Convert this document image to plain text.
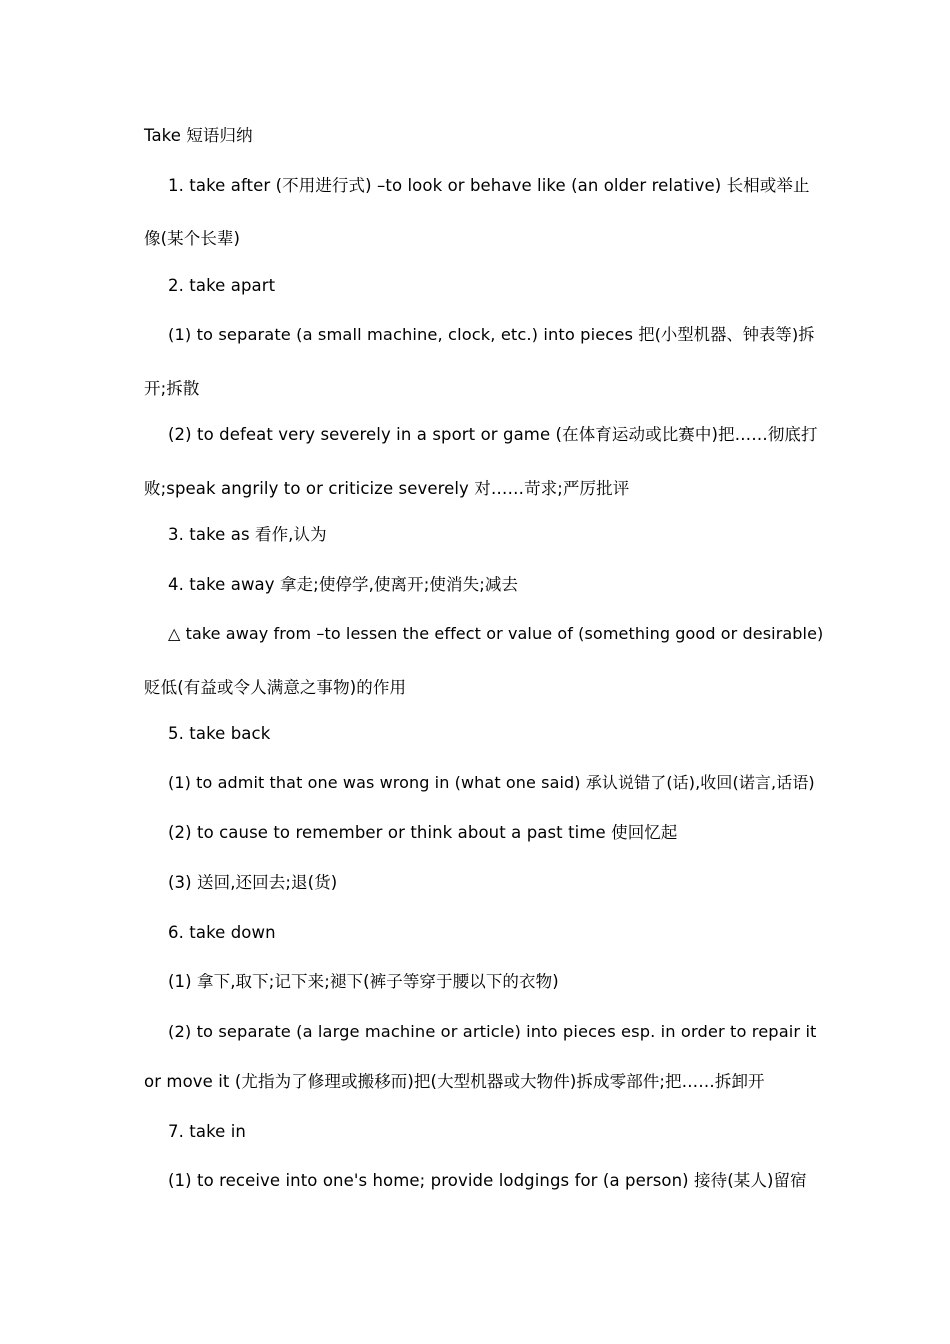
Take 短语归纳
1. take after (不用进行式) –to look or behave like (an older relative) 长相或举止
像(某个长辈)
2. take apart
(1) to separate (a small machine, clock, etc.) into pieces 把(小型机器、钟表等)拆
开;拆散
(2) to defeat very severely in a sport or game (在体育运动或比赛中)把……彻底打
败;speak angrily to or criticize severely 对……苛求;严厉批评
3. take as 看作,认为
4. take away 拿走;使停学,使离开;使消失;减去
△ take away from –to lessen the effect or value of (something good or desirable)
贬低(有益或令人满意之事物)的作用
5. take back
(1) to admit that one was wrong in (what one said) 承认说错了(话),收回(诺言,话语)
(2) to cause to remember or think about a past time 使回忆起
(3) 送回,还回去;退(货)
6. take down
(1) 拿下,取下;记下来;褪下(裤子等穿于腰以下的衣物)
(2) to separate (a large machine or article) into pieces esp. in order to repair it
or move it (尤指为了修理或搬移而)把(大型机器或大物件)拆成零部件;把……拆卸开
7. take in
(1) to receive into one's home; provide lodgings for (a person) 接待(某人)留宿
